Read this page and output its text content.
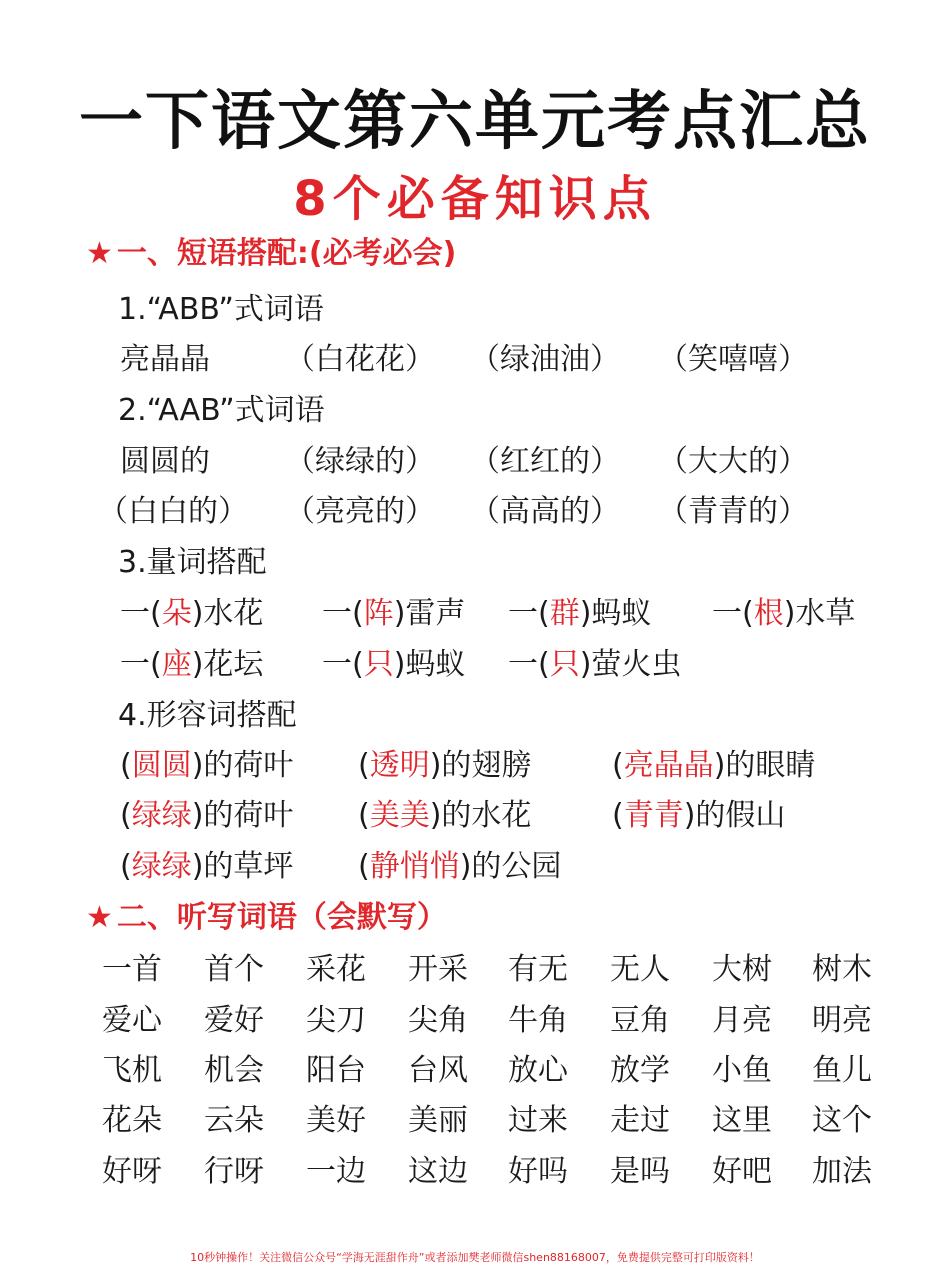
一下语文第六单元考点汇总
8个必备知识点
★ 一、短语搭配:(必考必会)
1.“ABB”式词语
亮晶晶	（白花花） （绿油油） （笑嘻嘻）
2.“AAB”式词语
圆圆的	（绿绿的） （红红的） （大大的）
（白白的） （亮亮的） （高高的） （青青的）
3.量词搭配
一(朵)水花 一(阵)雷声 一(群)蚂蚁 一(根)水草
一(座)花坛 一(只)蚂蚁 一(只)萤火虫
4.形容词搭配
(圆圆)的荷叶 (透明)的翅膀	(亮晶晶)的眼睛
(绿绿)的荷叶 (美美)的水花	(青青)的假山
(绿绿)的草坪 (静悄悄)的公园
★ 二、听写词语（会默写）
一首 首个 采花 开采 有无 无人 大树 树木
爱心 爱好 尖刀 尖角 牛角 豆角 月亮 明亮
飞机 机会 阳台 台风 放心 放学 小鱼 鱼儿
花朵 云朵 美好 美丽 过来 走过 这里 这个
好呀 行呀 一边 这边 好吗 是吗 好吧 加法
10秒钟操作！关注微信公众号“学海无涯甜作舟”或者添加樊老师微信shen88168007，免费提供完整可打印版资料！
